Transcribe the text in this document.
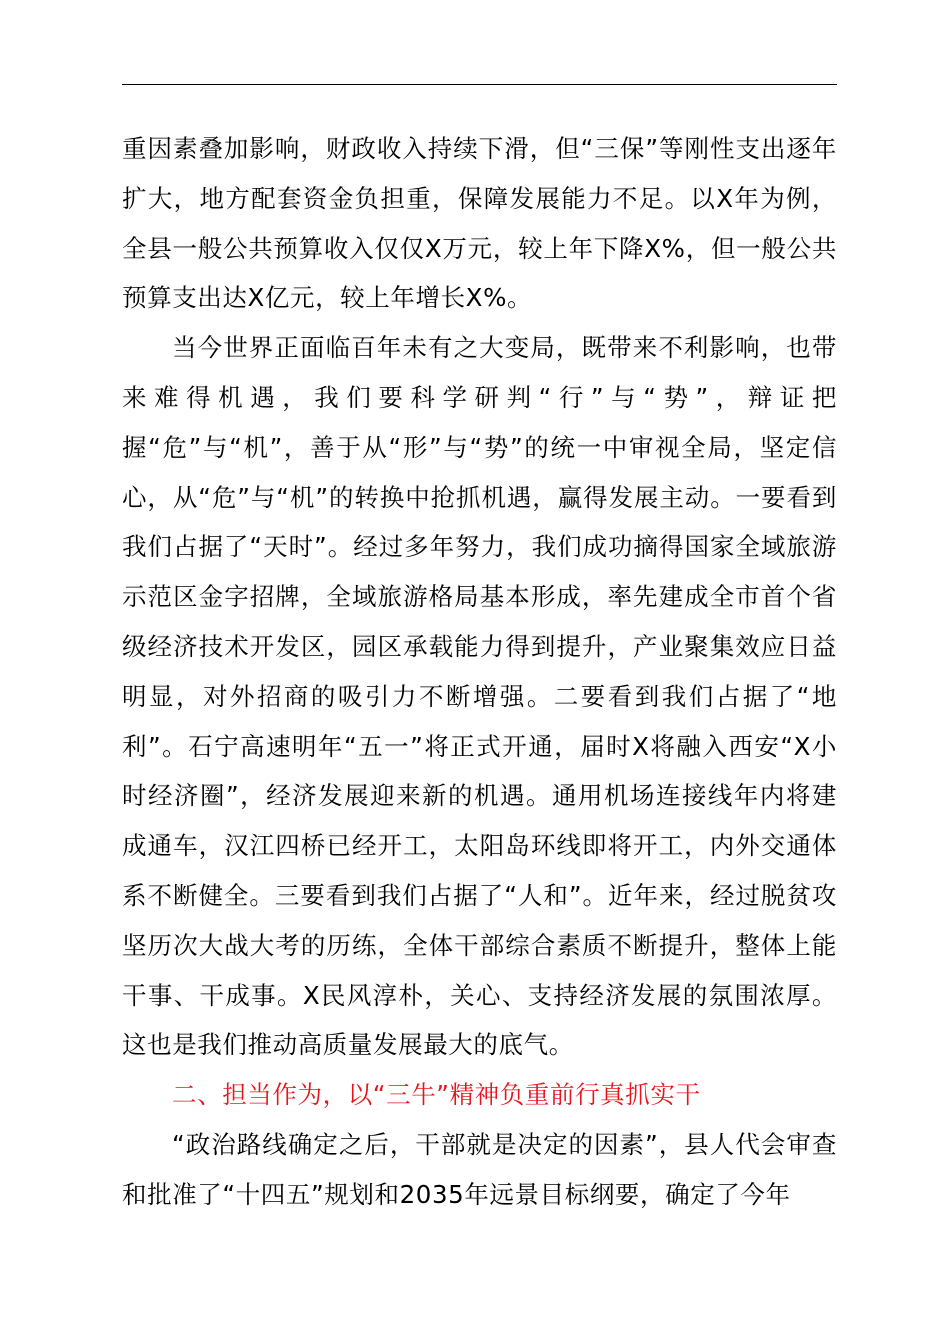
重因素叠加影响，财政收入持续下滑，但“三保”等刚性支出逐年扩大，地方配套资金负担重，保障发展能力不足。以X年为例，全县一般公共预算收入仅仅X万元，较上年下降X%，但一般公共预算支出达X亿元，较上年增长X%。

当今世界正面临百年未有之大变局，既带来不利影响，也带来难得机遇，我们要科学研判“行”与“势”，辩证把握“危”与“机”，善于从“形”与“势”的统一中审视全局，坚定信心，从“危”与“机”的转换中抢抓机遇，赢得发展主动。一要看到我们占据了“天时”。经过多年努力，我们成功摘得国家全域旅游示范区金字招牌，全域旅游格局基本形成，率先建成全市首个省级经济技术开发区，园区承载能力得到提升，产业聚集效应日益明显，对外招商的吸引力不断增强。二要看到我们占据了“地利”。石宁高速明年“五一”将正式开通，届时X将融入西安“X小时经济圈”，经济发展迎来新的机遇。通用机场连接线年内将建成通车，汉江四桥已经开工，太阳岛环线即将开工，内外交通体系不断健全。三要看到我们占据了“人和”。近年来，经过脱贫攻坚历次大战大考的历练，全体干部综合素质不断提升，整体上能干事、干成事。X民风淳朴，关心、支持经济发展的氛围浓厚。这也是我们推动高质量发展最大的底气。

二、担当作为，以“三牛”精神负重前行真抓实干

“政治路线确定之后，干部就是决定的因素”，县人代会审查和批准了“十四五”规划和2035年远景目标纲要，确定了今年
